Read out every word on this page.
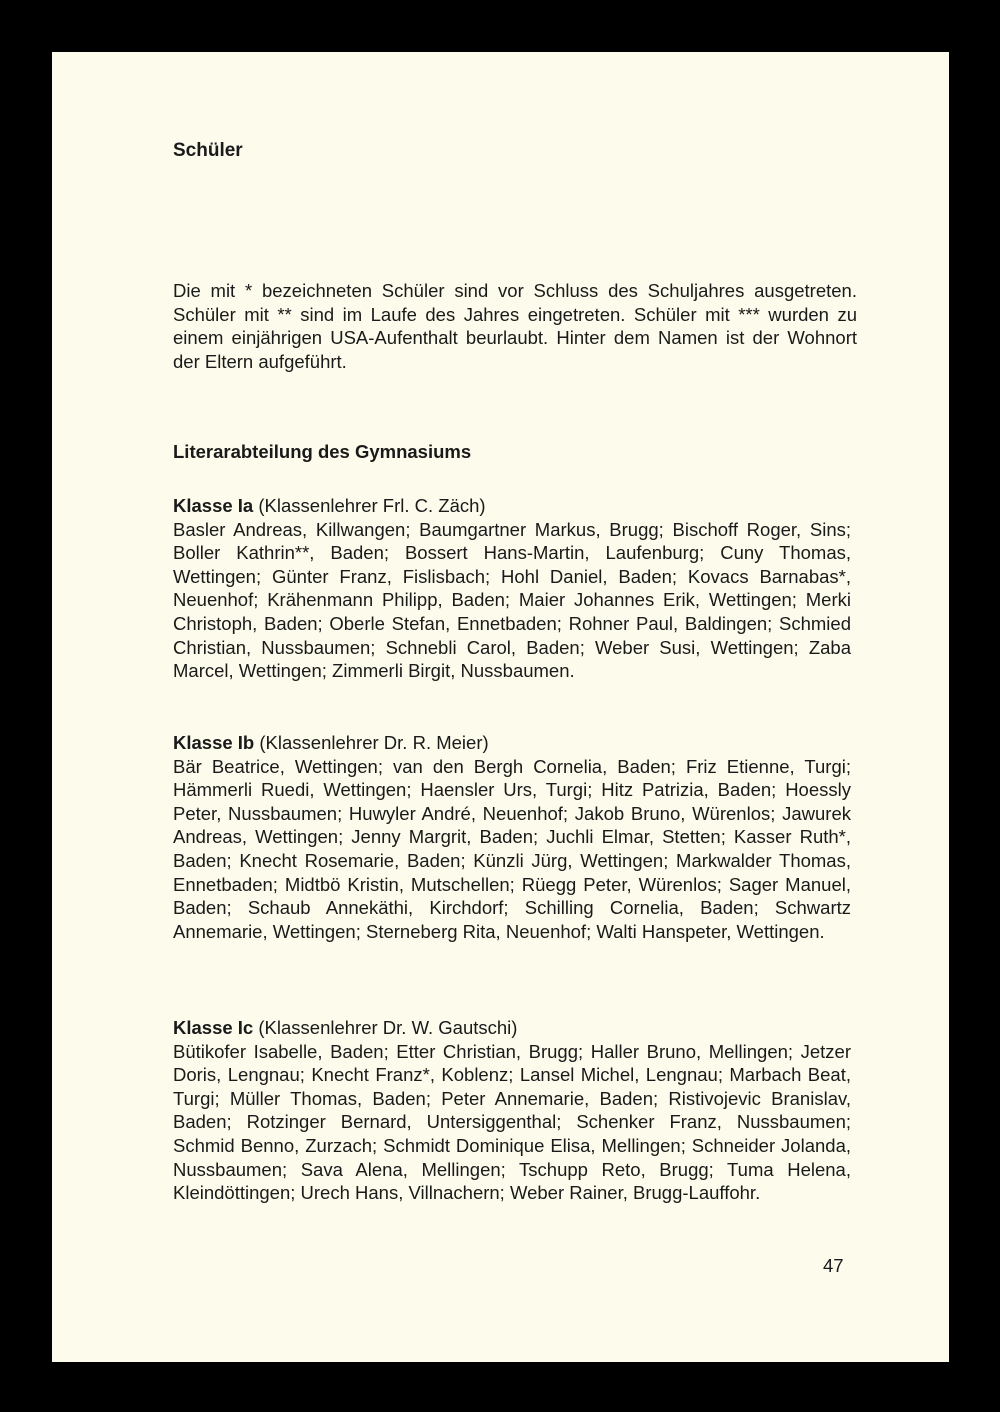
Schüler

Die mit * bezeichneten Schüler sind vor Schluss des Schuljahres ausgetreten. Schüler mit ** sind im Laufe des Jahres eingetreten. Schüler mit *** wurden zu einem einjährigen USA-Aufenthalt beurlaubt. Hinter dem Namen ist der Wohnort der Eltern aufgeführt.

Literarabteilung des Gymnasiums

Klasse Ia (Klassenlehrer Frl. C. Zäch)

Basler Andreas, Killwangen; Baumgartner Markus, Brugg; Bischoff Roger, Sins; Boller Kathrin**, Baden; Bossert Hans-Martin, Laufenburg; Cuny Thomas, Wettingen; Günter Franz, Fislisbach; Hohl Daniel, Baden; Kovacs Barnabas*, Neuenhof; Krähenmann Philipp, Baden; Maier Johannes Erik, Wettingen; Merki Christoph, Baden; Oberle Stefan, Ennetbaden; Rohner Paul, Baldingen; Schmied Christian, Nussbaumen; Schnebli Carol, Baden; Weber Susi, Wettingen; Zaba Marcel, Wettingen; Zimmerli Birgit, Nussbaumen.

Klasse Ib (Klassenlehrer Dr. R. Meier)

Bär Beatrice, Wettingen; van den Bergh Cornelia, Baden; Friz Etienne, Turgi; Hämmerli Ruedi, Wettingen; Haensler Urs, Turgi; Hitz Patrizia, Baden; Hoessly Peter, Nussbaumen; Huwyler André, Neuenhof; Jakob Bruno, Würenlos; Jawurek Andreas, Wettingen; Jenny Margrit, Baden; Juchli Elmar, Stetten; Kasser Ruth*, Baden; Knecht Rosemarie, Baden; Künzli Jürg, Wettingen; Markwalder Thomas, Ennetbaden; Midtbö Kristin, Mutschellen; Rüegg Peter, Würenlos; Sager Manuel, Baden; Schaub Annekäthi, Kirchdorf; Schilling Cornelia, Baden; Schwartz Annemarie, Wettingen; Sterneberg Rita, Neuenhof; Walti Hanspeter, Wettingen.

Klasse Ic (Klassenlehrer Dr. W. Gautschi)

Bütikofer Isabelle, Baden; Etter Christian, Brugg; Haller Bruno, Mellingen; Jetzer Doris, Lengnau; Knecht Franz*, Koblenz; Lansel Michel, Lengnau; Marbach Beat, Turgi; Müller Thomas, Baden; Peter Annemarie, Baden; Ristivojevic Branislav, Baden; Rotzinger Bernard, Untersiggenthal; Schenker Franz, Nussbaumen; Schmid Benno, Zurzach; Schmidt Dominique Elisa, Mellingen; Schneider Jolanda, Nussbaumen; Sava Alena, Mellingen; Tschupp Reto, Brugg; Tuma Helena, Kleindöttingen; Urech Hans, Villnachern; Weber Rainer, Brugg-Lauffohr.

47
